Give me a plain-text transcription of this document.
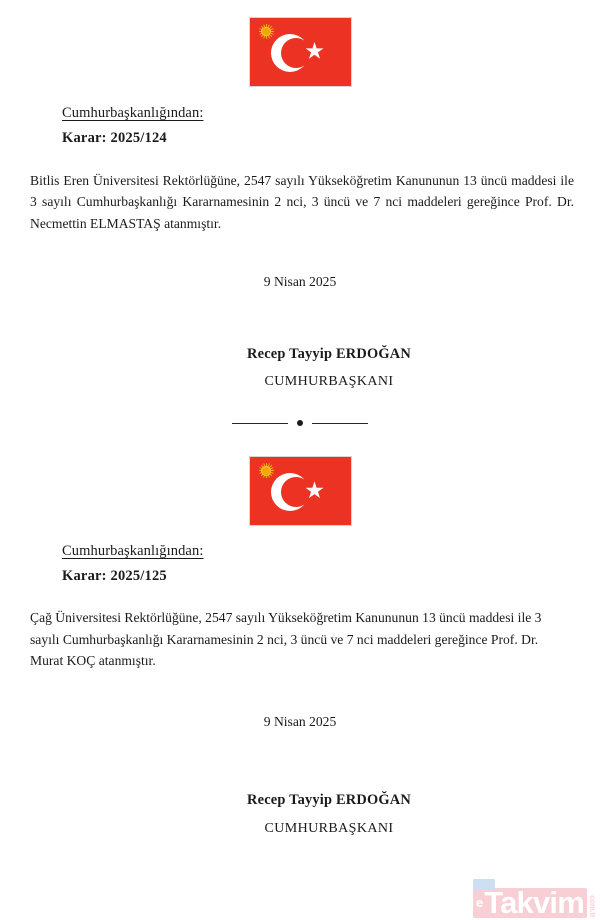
Cumhurbaşkanlığından:
Karar: 2025/124
Bitlis Eren Üniversitesi Rektörlüğüne, 2547 sayılı Yükseköğretim Kanununun 13 üncü maddesi ile 3 sayılı Cumhurbaşkanlığı Kararnamesinin 2 nci, 3 üncü ve 7 nci maddeleri gereğince Prof. Dr. Necmettin ELMASTAŞ atanmıştır.
9 Nisan 2025
Recep Tayyip ERDOĞAN
CUMHURBAŞKANI
Cumhurbaşkanlığından:
Karar: 2025/125
Çağ Üniversitesi Rektörlüğüne, 2547 sayılı Yükseköğretim Kanununun 13 üncü maddesi ile 3 sayılı Cumhurbaşkanlığı Kararnamesinin 2 nci, 3 üncü ve 7 nci maddeleri gereğince Prof. Dr. Murat KOÇ atanmıştır.
9 Nisan 2025
Recep Tayyip ERDOĞAN
CUMHURBAŞKANI
e Takvim com.tr
